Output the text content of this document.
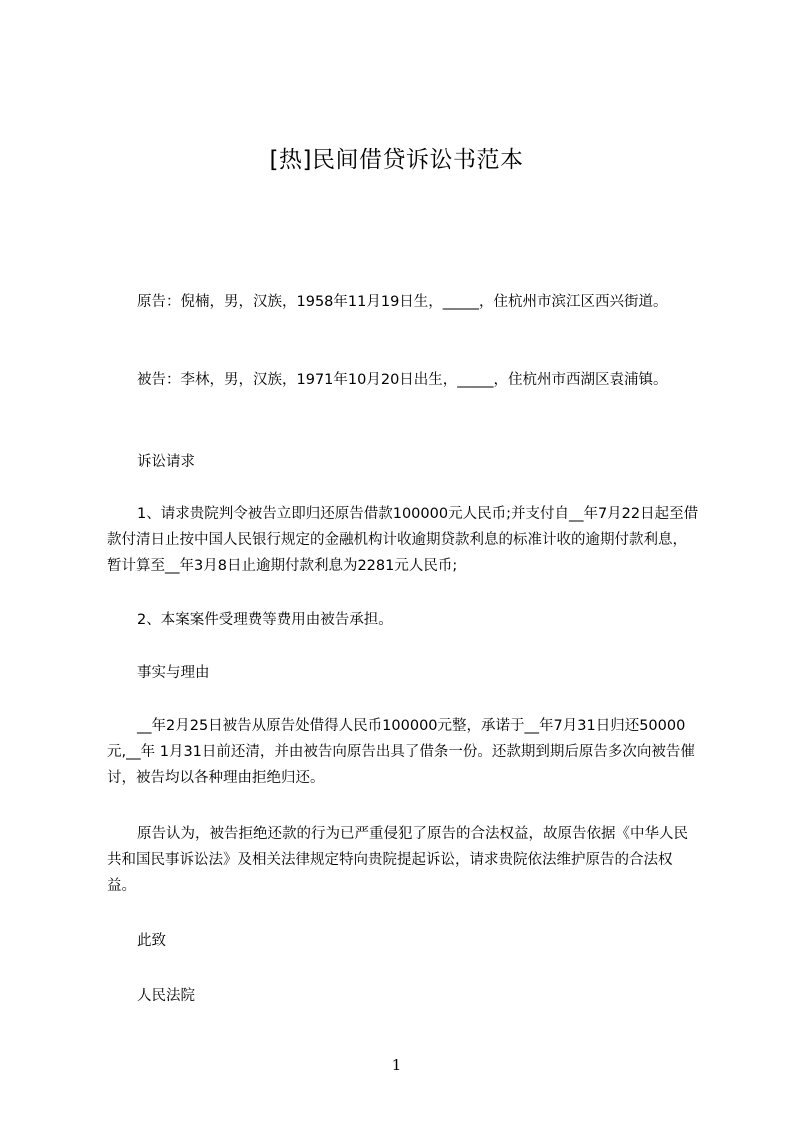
[热]民间借贷诉讼书范本

原告：倪楠，男，汉族，1958年11月19日生，_____，住杭州市滨江区西兴街道。

被告：李林，男，汉族，1971年10月20日出生，_____，住杭州市西湖区袁浦镇。

诉讼请求

1、请求贵院判令被告立即归还原告借款100000元人民币;并支付自__年7月22日起至借款付清日止按中国人民银行规定的金融机构计收逾期贷款利息的标准计收的逾期付款利息，暂计算至__年3月8日止逾期付款利息为2281元人民币;

2、本案案件受理费等费用由被告承担。

事实与理由

__年2月25日被告从原告处借得人民币100000元整，承诺于__年7月31日归还50000元,__年 1月31日前还清，并由被告向原告出具了借条一份。还款期到期后原告多次向被告催讨，被告均以各种理由拒绝归还。

原告认为，被告拒绝还款的行为已严重侵犯了原告的合法权益，故原告依据《中华人民共和国民事诉讼法》及相关法律规定特向贵院提起诉讼，请求贵院依法维护原告的合法权益。

此致

人民法院

1
